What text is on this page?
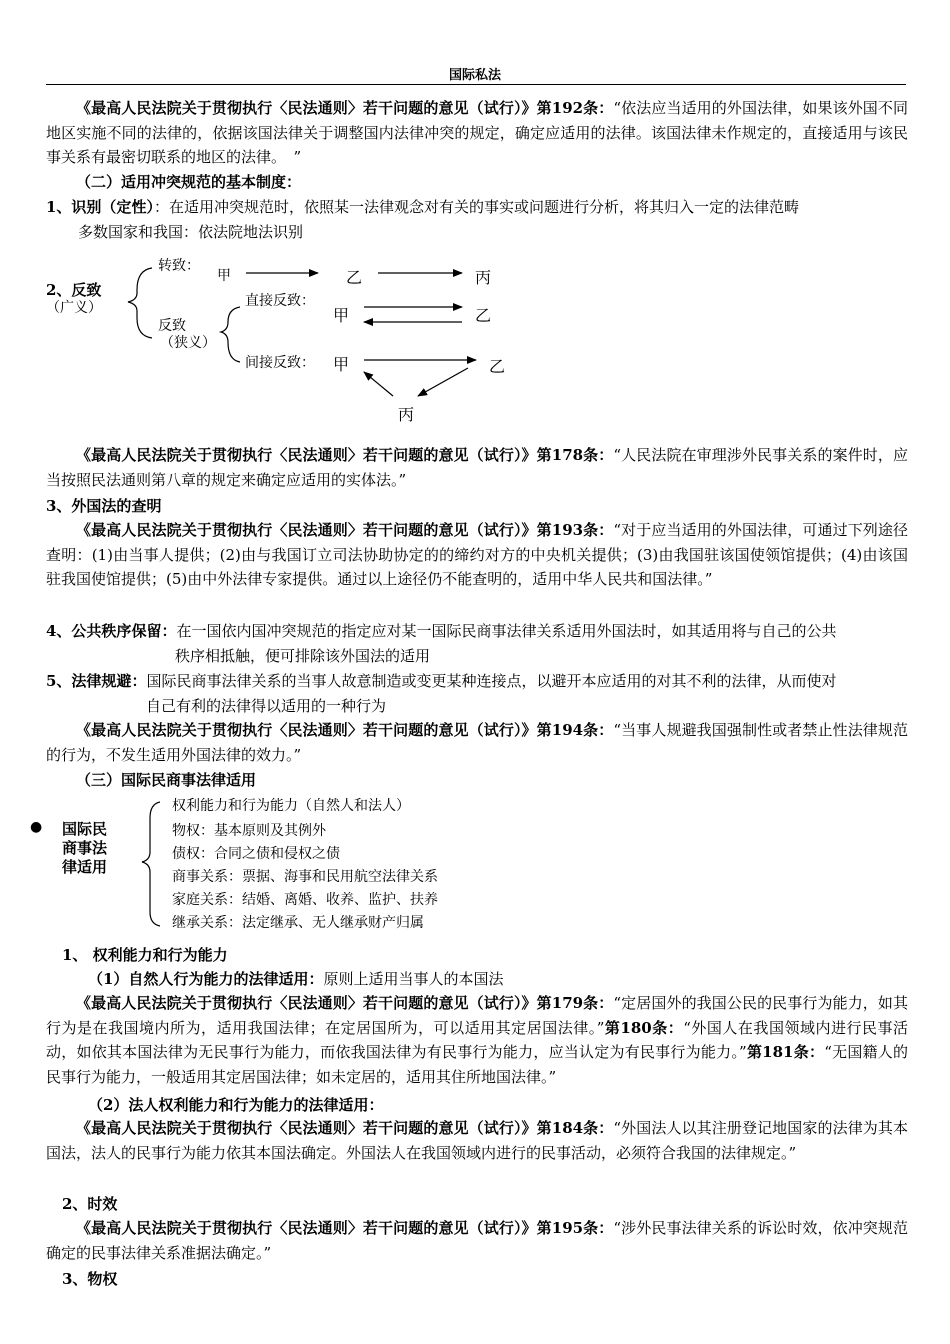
国际私法
《最高人民法院关于贯彻执行〈民法通则〉若干问题的意见（试行）》第192条：“依法应当适用的外国法律，如果该外国不同地区实施不同的法律的，依据该国法律关于调整国内法律冲突的规定，确定应适用的法律。该国法律未作规定的，直接适用与该民事关系有最密切联系的地区的法律。　”
（二）适用冲突规范的基本制度：
1、识别（定性）：在适用冲突规范时，依照某一法律观念对有关的事实或问题进行分析，将其归入一定的法律范畴
多数国家和我国：依法院地法识别
2、反致
（广义）
转致：
甲	乙	丙
反致
（狭义）
直接反致：
甲	乙
间接反致： 甲	乙
丙
《最高人民法院关于贯彻执行〈民法通则〉若干问题的意见（试行）》第178条：“人民法院在审理涉外民事关系的案件时，应当按照民法通则第八章的规定来确定应适用的实体法。”
3、外国法的查明
《最高人民法院关于贯彻执行〈民法通则〉若干问题的意见（试行）》第193条：“对于应当适用的外国法律，可通过下列途径查明：(1)由当事人提供；(2)由与我国订立司法协助协定的的缔约对方的中央机关提供；(3)由我国驻该国使领馆提供；(4)由该国驻我国使馆提供；(5)由中外法律专家提供。通过以上途径仍不能查明的，适用中华人民共和国法律。”
4、公共秩序保留：在一国依内国冲突规范的指定应对某一国际民商事法律关系适用外国法时，如其适用将与自己的公共
秩序相抵触，便可排除该外国法的适用
5、法律规避：国际民商事法律关系的当事人故意制造或变更某种连接点，以避开本应适用的对其不利的法律，从而使对
自己有利的法律得以适用的一种行为
《最高人民法院关于贯彻执行〈民法通则〉若干问题的意见（试行）》第194条：“当事人规避我国强制性或者禁止性法律规范的行为，不发生适用外国法律的效力。”
（三）国际民商事法律适用
● 国际民
商事法
律适用
权利能力和行为能力（自然人和法人）
物权：基本原则及其例外
债权：合同之债和侵权之债
商事关系：票据、海事和民用航空法律关系
家庭关系：结婚、离婚、收养、监护、扶养
继承关系：法定继承、无人继承财产归属
1、 权利能力和行为能力
（1）自然人行为能力的法律适用：原则上适用当事人的本国法
《最高人民法院关于贯彻执行〈民法通则〉若干问题的意见（试行）》第179条：“定居国外的我国公民的民事行为能力，如其行为是在我国境内所为，适用我国法律；在定居国所为，可以适用其定居国法律。”第180条：“外国人在我国领域内进行民事活动，如依其本国法律为无民事行为能力，而依我国法律为有民事行为能力，应当认定为有民事行为能力。”第181条：“无国籍人的民事行为能力，一般适用其定居国法律；如未定居的，适用其住所地国法律。”
（2）法人权利能力和行为能力的法律适用：
《最高人民法院关于贯彻执行〈民法通则〉若干问题的意见（试行）》第184条：“外国法人以其注册登记地国家的法律为其本国法，法人的民事行为能力依其本国法确定。外国法人在我国领域内进行的民事活动，必须符合我国的法律规定。”
2、时效
《最高人民法院关于贯彻执行〈民法通则〉若干问题的意见（试行）》第195条：“涉外民事法律关系的诉讼时效，依冲突规范确定的民事法律关系准据法确定。”
3、物权
